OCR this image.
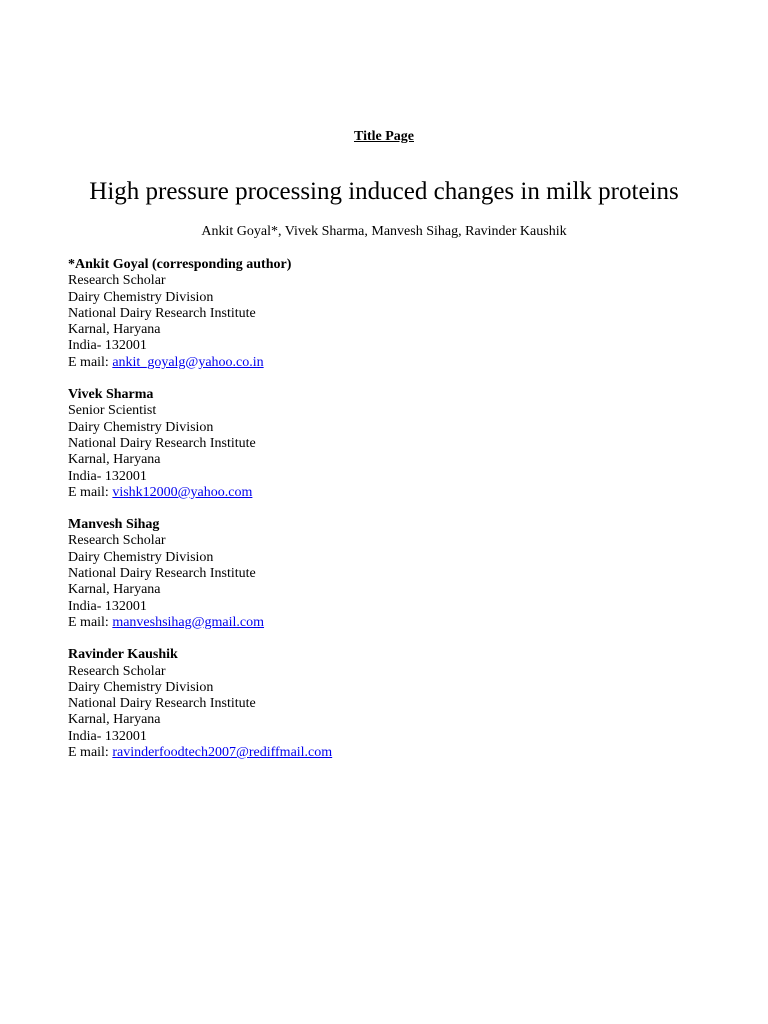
Title Page
High pressure processing induced changes in milk proteins
Ankit Goyal*, Vivek Sharma, Manvesh Sihag, Ravinder Kaushik
*Ankit Goyal (corresponding author)
Research Scholar
Dairy Chemistry Division
National Dairy Research Institute
Karnal, Haryana
India- 132001
E mail: ankit_goyalg@yahoo.co.in
Vivek Sharma
Senior Scientist
Dairy Chemistry Division
National Dairy Research Institute
Karnal, Haryana
India- 132001
E mail: vishk12000@yahoo.com
Manvesh Sihag
Research Scholar
Dairy Chemistry Division
National Dairy Research Institute
Karnal, Haryana
India- 132001
E mail: manveshsihag@gmail.com
Ravinder Kaushik
Research Scholar
Dairy Chemistry Division
National Dairy Research Institute
Karnal, Haryana
India- 132001
E mail: ravinderfoodtech2007@rediffmail.com
